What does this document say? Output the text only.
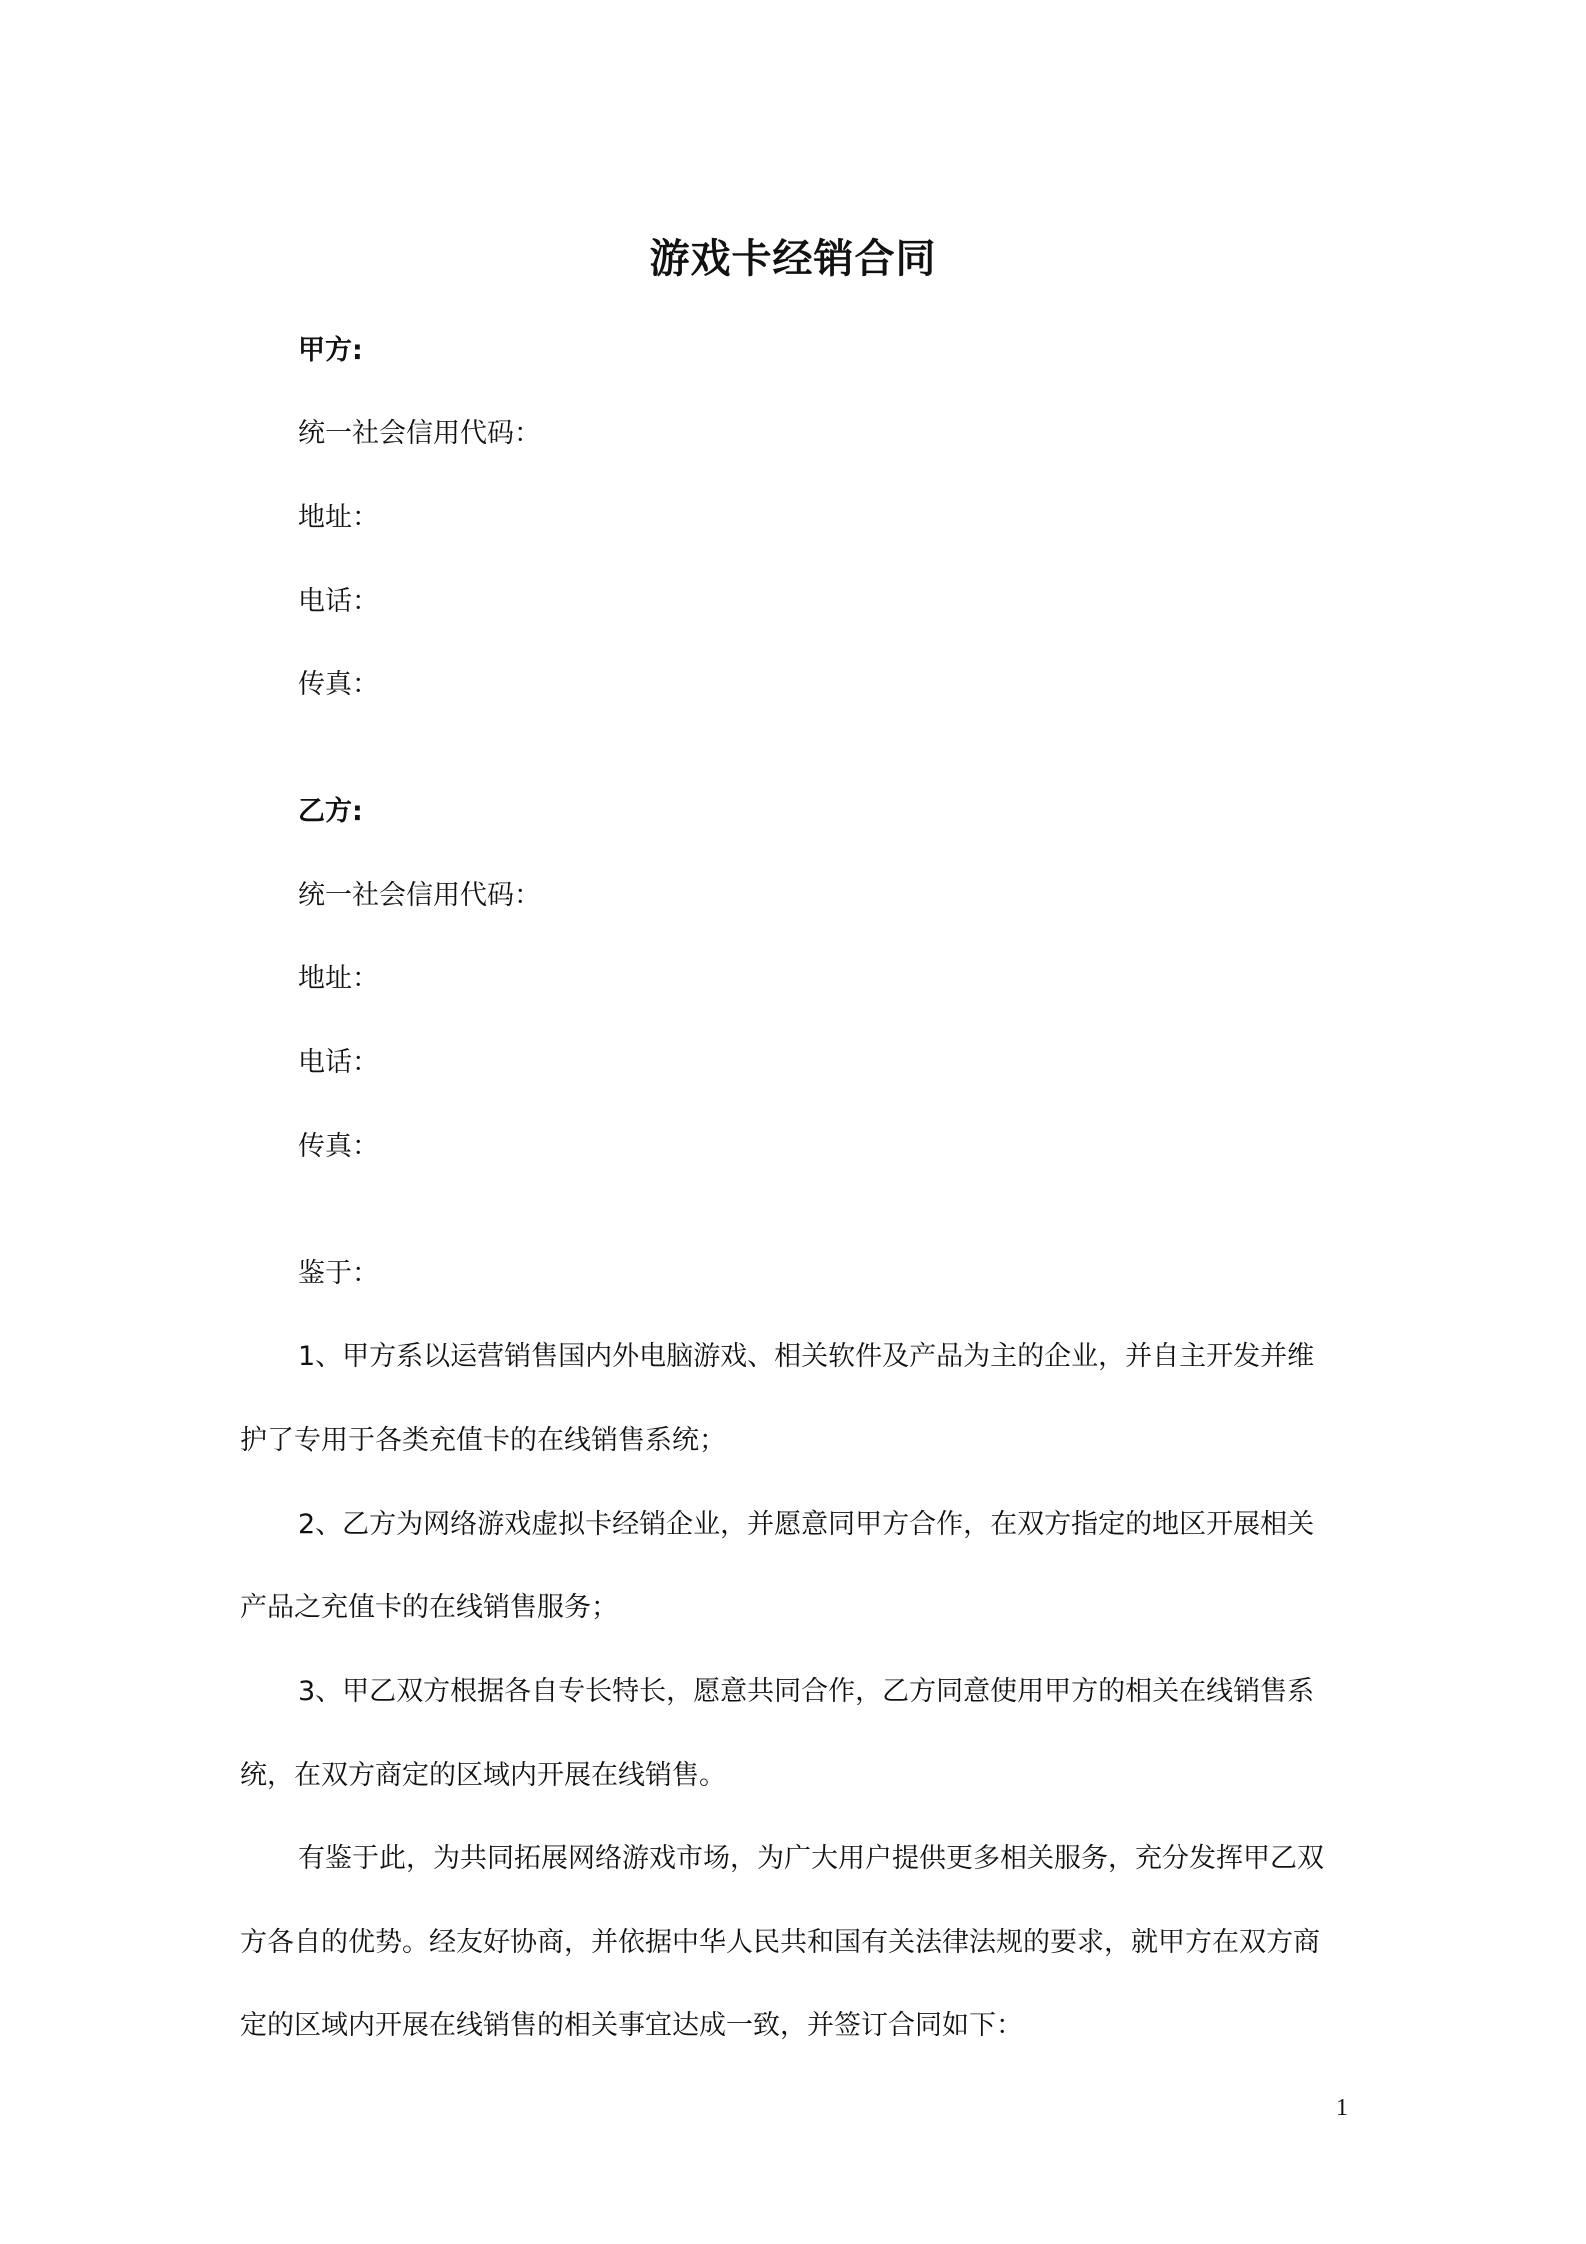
游戏卡经销合同
甲方:
统一社会信用代码：
地址：
电话：
传真：
乙方:
统一社会信用代码：
地址：
电话：
传真：
鉴于：
1、甲方系以运营销售国内外电脑游戏、相关软件及产品为主的企业，并自主开发并维
护了专用于各类充值卡的在线销售系统；
2、乙方为网络游戏虚拟卡经销企业，并愿意同甲方合作，在双方指定的地区开展相关
产品之充值卡的在线销售服务；
3、甲乙双方根据各自专长特长，愿意共同合作，乙方同意使用甲方的相关在线销售系
统，在双方商定的区域内开展在线销售。
有鉴于此，为共同拓展网络游戏市场，为广大用户提供更多相关服务，充分发挥甲乙双
方各自的优势。经友好协商，并依据中华人民共和国有关法律法规的要求，就甲方在双方商
定的区域内开展在线销售的相关事宜达成一致，并签订合同如下：
1
